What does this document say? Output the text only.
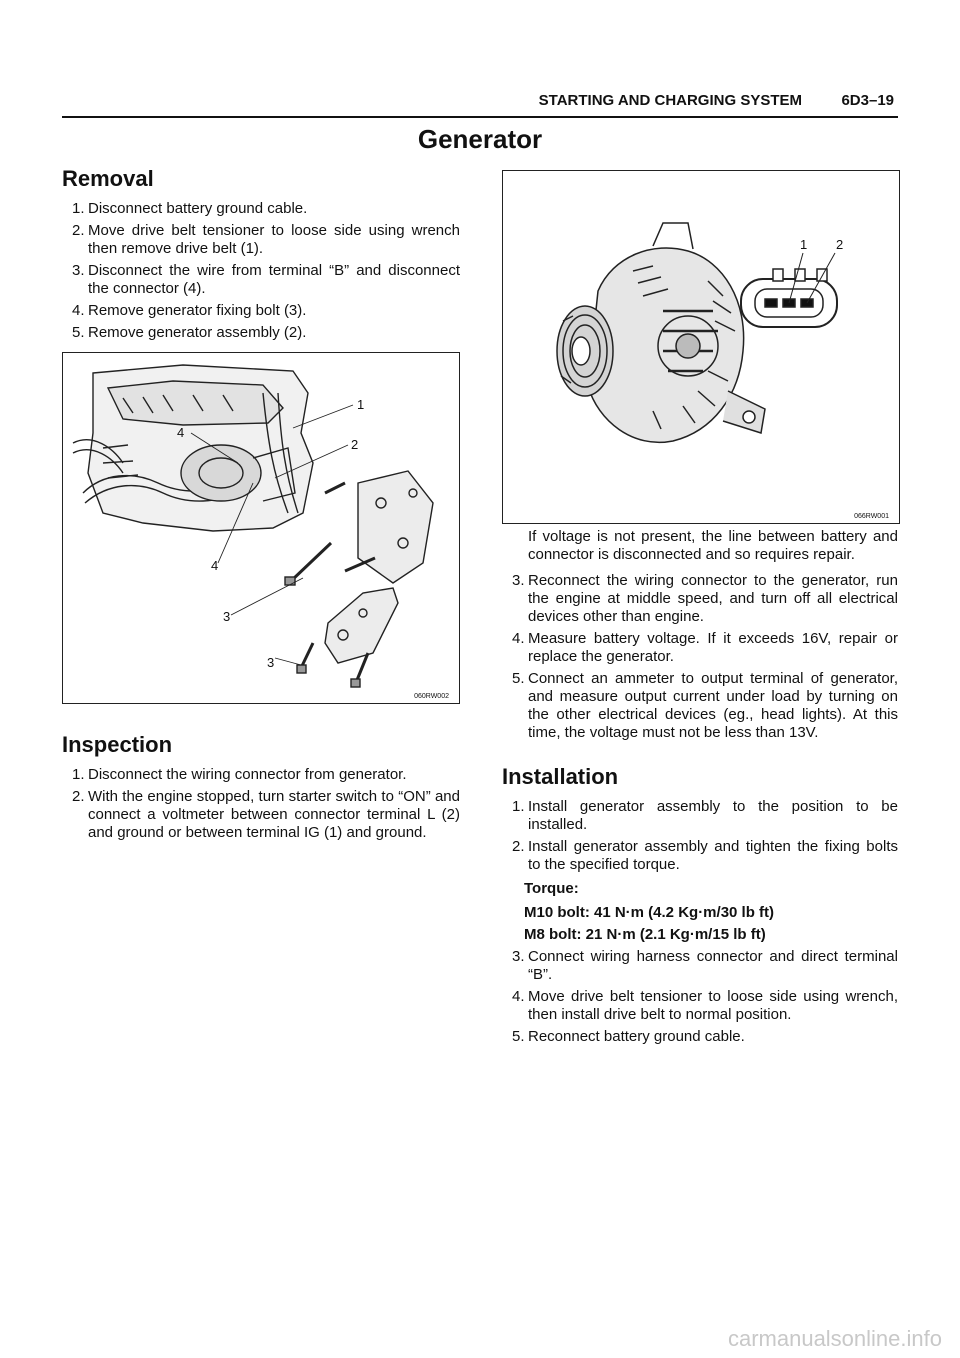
STARTING AND CHARGING SYSTEM	6D3–19
Generator
Removal
1. Disconnect battery ground cable.
2. Move drive belt tensioner to loose side using wrench then remove drive belt (1).
3. Disconnect the wire from terminal “B” and disconnect the connector (4).
4. Remove generator fixing bolt (3).
5. Remove generator assembly (2).
1
2
4
4
3
3
060RW002
Inspection
1. Disconnect the wiring connector from generator.
2. With the engine stopped, turn starter switch to “ON” and connect a voltmeter between connector terminal L (2) and ground or between terminal IG (1) and ground.
1 2
066RW001
If voltage is not present, the line between battery and connector is disconnected and so requires repair.
3. Reconnect the wiring connector to the generator, run the engine at middle speed, and turn off all electrical devices other than engine.
4. Measure battery voltage. If it exceeds 16V, repair or replace the generator.
5. Connect an ammeter to output terminal of generator, and measure output current under load by turning on the other electrical devices (eg., head lights). At this time, the voltage must not be less than 13V.
Installation
1. Install generator assembly to the position to be installed.
2. Install generator assembly and tighten the fixing bolts to the specified torque.
Torque:
M10 bolt: 41 N·m (4.2 Kg·m/30 lb ft)
M8 bolt: 21 N·m (2.1 Kg·m/15 lb ft)
3. Connect wiring harness connector and direct terminal “B”.
4. Move drive belt tensioner to loose side using wrench, then install drive belt to normal position.
5. Reconnect battery ground cable.
carmanualsonline.info
